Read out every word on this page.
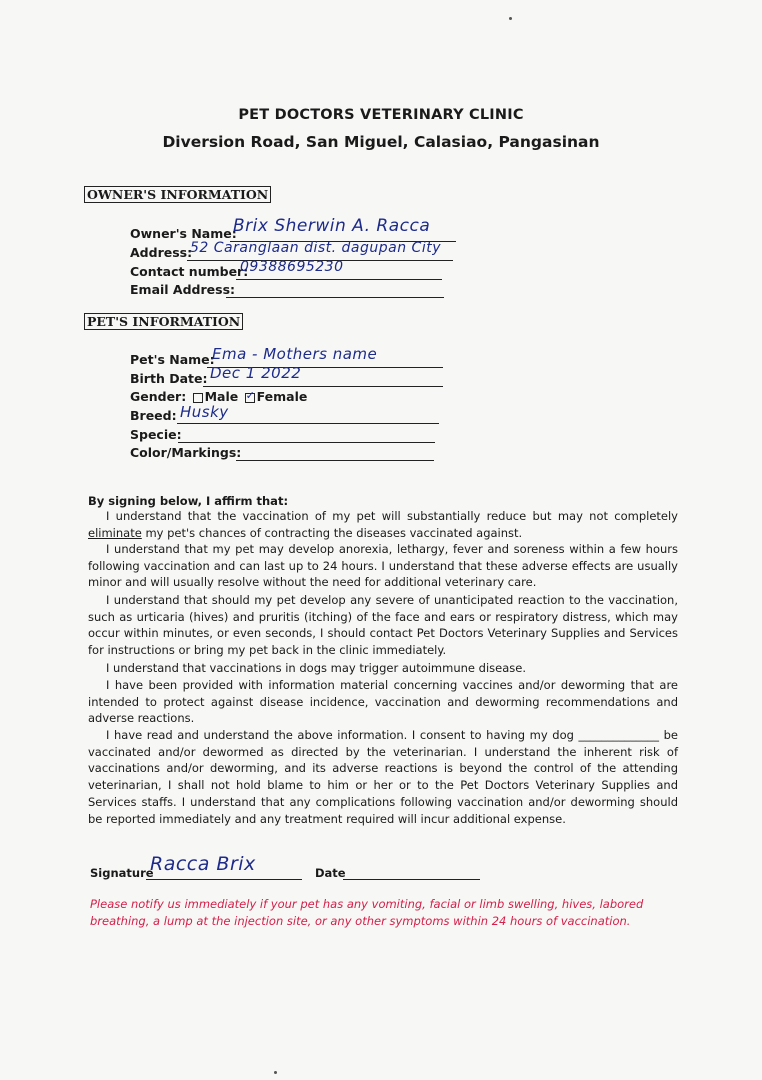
PET DOCTORS VETERINARY CLINIC
Diversion Road, San Miguel, Calasiao, Pangasinan
OWNER'S INFORMATION
Owner's Name:
Brix Sherwin A. Racca
Address:
52 Caranglaan dist. dagupan City
Contact number:
09388695230
Email Address:
PET'S INFORMATION
Pet's Name:
Ema - Mothers name
Birth Date: Dec 1 2022
Gender: Male ✓ Female
Breed: Husky
Specie:
Color/Markings:
By signing below, I affirm that:
I understand that the vaccination of my pet will substantially reduce but may not completely eliminate my pet's chances of contracting the diseases vaccinated against.
I understand that my pet may develop anorexia, lethargy, fever and soreness within a few hours following vaccination and can last up to 24 hours. I understand that these adverse effects are usually minor and will usually resolve without the need for additional veterinary care.
I understand that should my pet develop any severe of unanticipated reaction to the vaccination, such as urticaria (hives) and pruritis (itching) of the face and ears or respiratory distress, which may occur within minutes, or even seconds, I should contact Pet Doctors Veterinary Supplies and Services for instructions or bring my pet back in the clinic immediately.
I understand that vaccinations in dogs may trigger autoimmune disease.
I have been provided with information material concerning vaccines and/or deworming that are intended to protect against disease incidence, vaccination and deworming recommendations and adverse reactions.
I have read and understand the above information. I consent to having my dog ______________ be vaccinated and/or dewormed as directed by the veterinarian. I understand the inherent risk of vaccinations and/or deworming, and its adverse reactions is beyond the control of the attending veterinarian, I shall not hold blame to him or her or to the Pet Doctors Veterinary Supplies and Services staffs. I understand that any complications following vaccination and/or deworming should be reported immediately and any treatment required will incur additional expense.
Signature
Racca Brix	Date
Please notify us immediately if your pet has any vomiting, facial or limb swelling, hives, labored breathing, a lump at the injection site, or any other symptoms within 24 hours of vaccination.
